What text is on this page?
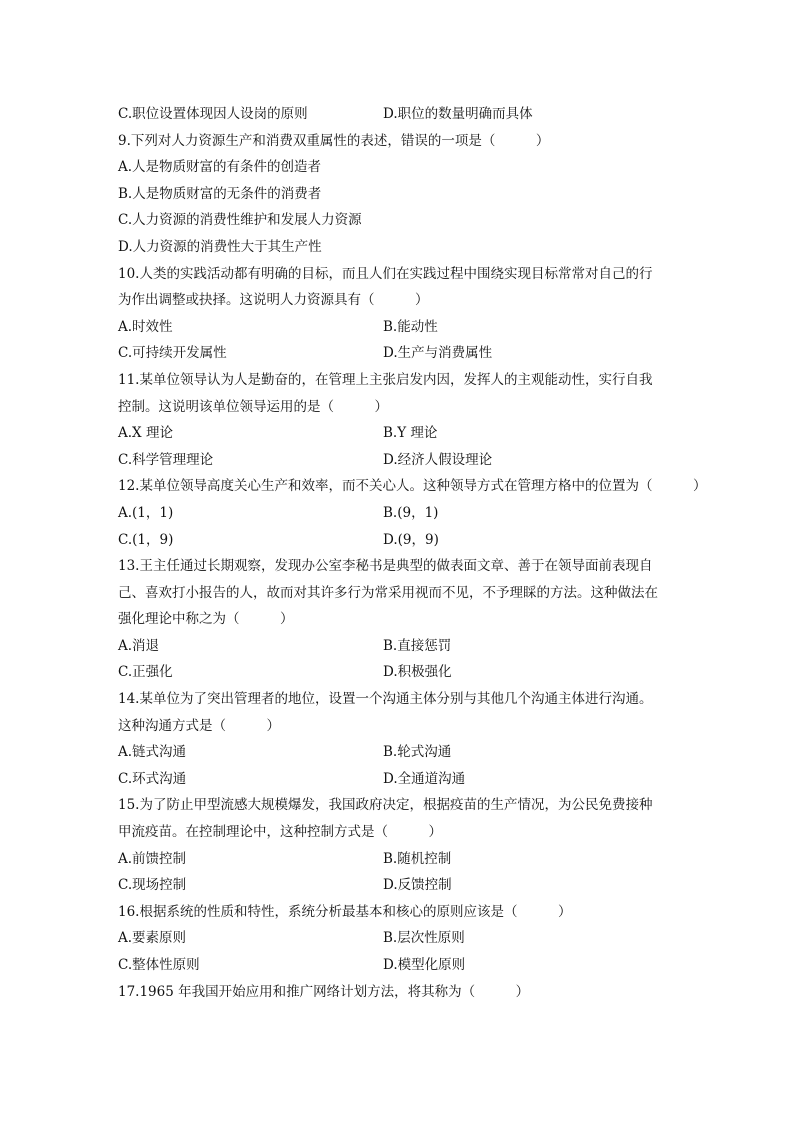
C.职位设置体现因人设岗的原则	D.职位的数量明确而具体
9.下列对人力资源生产和消费双重属性的表述，错误的一项是（　　　）
A.人是物质财富的有条件的创造者
B.人是物质财富的无条件的消费者
C.人力资源的消费性维护和发展人力资源
D.人力资源的消费性大于其生产性
10.人类的实践活动都有明确的目标，而且人们在实践过程中围绕实现目标常常对自己的行
为作出调整或抉择。这说明人力资源具有（　　　）
A.时效性	B.能动性
C.可持续开发属性	D.生产与消费属性
11.某单位领导认为人是勤奋的，在管理上主张启发内因，发挥人的主观能动性，实行自我
控制。这说明该单位领导运用的是（　　　）
A.X 理论	B.Y 理论
C.科学管理理论	D.经济人假设理论
12.某单位领导高度关心生产和效率，而不关心人。这种领导方式在管理方格中的位置为（　　　）
A.(1，1)	B.(9，1)
C.(1，9)	D.(9，9)
13.王主任通过长期观察，发现办公室李秘书是典型的做表面文章、善于在领导面前表现自
己、喜欢打小报告的人，故而对其许多行为常采用视而不见，不予理睬的方法。这种做法在
强化理论中称之为（　　　）
A.消退	B.直接惩罚
C.正强化	D.积极强化
14.某单位为了突出管理者的地位，设置一个沟通主体分别与其他几个沟通主体进行沟通。
这种沟通方式是（　　　）
A.链式沟通	B.轮式沟通
C.环式沟通	D.全通道沟通
15.为了防止甲型流感大规模爆发，我国政府决定，根据疫苗的生产情况，为公民免费接种
甲流疫苗。在控制理论中，这种控制方式是（　　　）
A.前馈控制	B.随机控制
C.现场控制	D.反馈控制
16.根据系统的性质和特性，系统分析最基本和核心的原则应该是（　　　）
A.要素原则	B.层次性原则
C.整体性原则	D.模型化原则
17.1965 年我国开始应用和推广网络计划方法，将其称为（　　　）
